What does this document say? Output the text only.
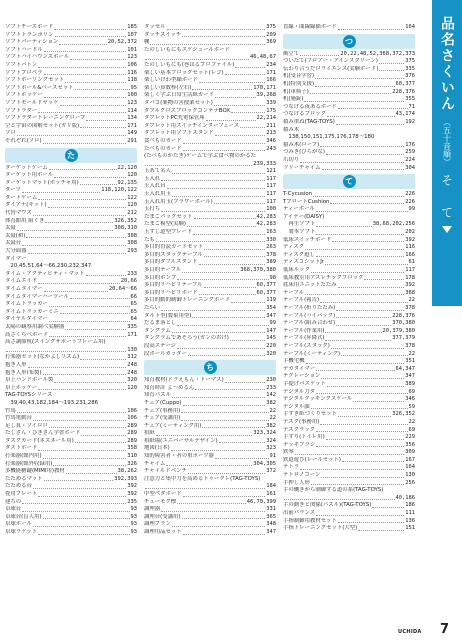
ソフトチーズボード	185
ソフトトランポリン	107
ソフトパーティション	20,52,372
ソフトハードル	101
ソフトハイハウンズボール	123
ソフトバトン	106
ソフトプロペラ	116
ソフトボーリングセット	118
ソフトボール&ベースセット	95
ソフトホッケー	100
ソフトモールドヤッケ	123
ソフトラダー	114
ソフトラダートレーニングロープ	134
空と宇宙の図解セット(ガリ版)	171
ソロ	149
それぞれ(ソロ)	291
た
ターゲットゲーム	22,120
ターゲット用ボール	120
ターゲットマット(ボッチャ用)	92,135
ダーツ	118,120,122
ダートゲーム	122
ダイアナ(キット)	120
代替マウス	212
体育館用 組ぐき	326,352
太鼓	308,310
太鼓(和)	308
太鼓台	308
大分面器	293
タイマー
　20,45,51,64〜66,230,232,347
タイム・アクティビティ・マット	233
タイムエイド	20,66
タイムタイマー	20,64〜66
タイムタイマーハーツール	66
タイムトラッカー	65
タイムトラッカーミニ	65
ダイヤルタイマー	64
太陽の観察用調べ実験器	335
高さくらべボード	171
高さ調節机(スイングサポートフレーム用)
130
打楽器セット(なかよしリズム)	312
抱き人形	248
抱き人形(布製)	248
卓上ハンドボール製	320
卓上ホッケー	120
TAG-TOYSシリーズ
　39,40,43,182,184〜193,231,286
竹馬	106
竹馬電動台	106
足し算・ソイロロ	289
たしざん・ひきざん学習ボード	289
タスクカード(ネズネール用)	289
ダストボード	358
打楽器(館内用)	310
打楽器(館外収録用)	326
多機能糖鍵(MIMI用)教材	38,262
たためるマット	392,393
たためる台	392
畳用プレート	392
建ちの	235
卓球台	93
卓球台(盲人用)	93
卓球ボール	93
卓球ラケット	93
タッセル	375
タッチスイッチ	209
棚	369
たのしいもにもスケジュールボード
46,48,67
たのしいもにも(巻はるプロファイル)	234
楽しい基本ブロックセット(レゴ)	171
楽しいけわ型繰ボード	166
楽しい算数棒(左右)	170,171
楽しく学ぶ日常生活紙カード	39,268
タバコ(薬物の害授業セット)	339
ダブルクロスブロックコンテナBOX	175
タブレットPC充電保管庫	22,214
タブレット用スイッチインターフェース	211
タブレット用ソフトスタンド	213
食べものカード	346
たべものカード	243
(たべものかたぎ)ゲームで学ぶ食べ物のかるた
239,333
玉あて名人	121
玉入れ	117
玉入れ台	117
玉入れ用玉	117
玉入れ用玉(フラワーボール)	117
玉打ち	100
たまごパックセット	42,283
たまご模型(実験)	42,283
玉ずし道型ブレード	163
たも	330
多目的直読カードセット	263
多目的スタックテーブル	378
多目的ダブルスタンド	389
多目的テーブル	368,370,380
多目的ボンブ	98
多目的リハビリテーブル	60,377
多目的リハビリボード	60,377
多目的動的制御トレーニングボード	119
たらい	354
タルト型(製菓用型)	347
だるま落とし	99
タングラム	147
タングラムであそろう(ガンのおけ)	145
段高ステージ	220
段ボールカッター	320
ち
知育教材(ドラえもん・トーマス)	230
知育時計 よ〜めるん	233
知育パズル	142
チェア(Cuppo)	382
チェア(事務用)	22
チェア(受講用)	22
チェア(ミーティング用)	382
拾紙	323,324
拾紙場(ユニバーサルデザイン)	324
地図(日本)	323
知的障害者・者の重ポーツ器	91
チャイム	304,305
チャイルドベンチ	372
注意力と集中力を高めるトゥークレ(TAG-TOYS)
184
中型ペダボード	161
チューモク標	46,70,399
調理器	331
調理台(受講用)	365
調理プラン	348
調理用品セット	347
直線・曲線線描ボード	164
つ
衝立て	20,22,48,52,368,372,373
ついたて(フロアー・アインスクリーン)	375
伝わり合うだロライエンス(実験ボード)	335
机(受音学習)	376
机(特別支援)	60,377
机(車椅子)	228,376
机(施錠)	355
つなげる夜あるボード	71
つなげるブロック	43,174
積み重ね(TAG-TOYS)	192
積み木
　138,150,151,175,176,178〜180
積み木(ロープ)	176
つみき(ひらがな)	259
爪切り	224
ツリーチャイム	304
て
T-Cycusion	226
TプロートCushion	226
ティーボール	99
アイデー(DAISY)
　再生ソフト	38,68,202,256
　製本ソフト	202
低床スイッチボード	392
ディスク	116
ディスク遊し	166
ディスコシットJr	61
低床ルック	117
低床教室用アスレチックブロック	178
底床用ユニットたたみ	392
テーブル	368
テーブル(報告)	22
テーブル(折りたたみ)	378
テーブル(ハイバック)	228,376
テーブル(組み合わせ)	370,380
テーブル(作業用)	20,379,380
テーブル(昇降式)	377,379
テーブル(スタック)	378
テーブル(ミーティング)	22
手機宅機	351
デカタイマー	64,347
テクレーション	347
手提げバスケット	389
デジタル力ダ	69
デジタルクッキングスケール	346
デジタル顔	59
手すき紙づくりセット	326,352
デスク(事務用)	22
デスクラック	69
手すり(トイレ用)	229
デッキブラシ	356
鉄琴	309
鉄道遊び(レールセット)	167
テトラ	164
テトロノコーン	130
手押し人形	256
手の働きから制御する道の系(TAG-TOYS)
40,186
手の動きと関係(パズル)(TAG-TOYS)	186
出前バランス	111
手指制御用教材セット	136
手指トレーニングセット(大型)	151
品名さくいん
（五十音順）
そ　て
UCHIDA 7
